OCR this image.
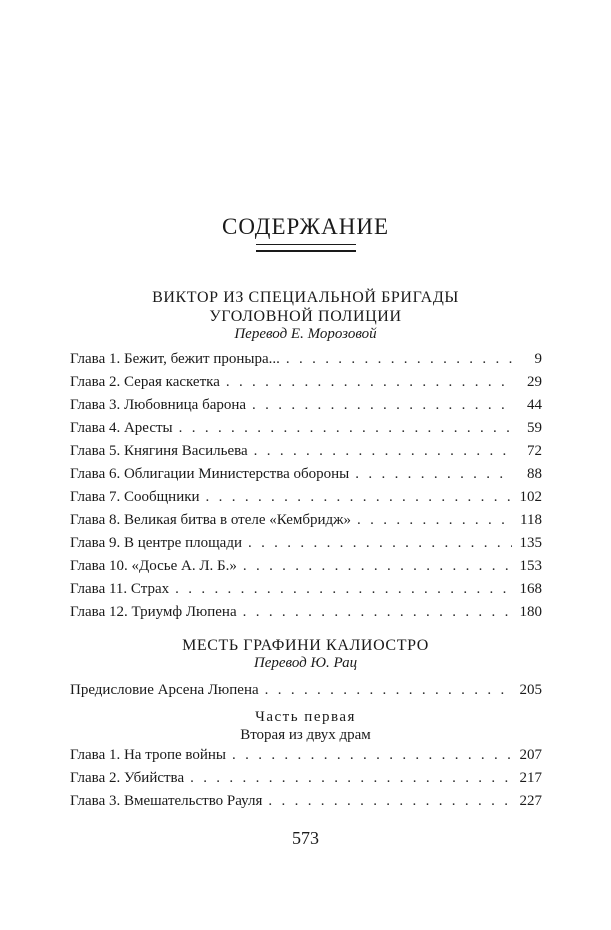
СОДЕРЖАНИЕ
ВИКТОР ИЗ СПЕЦИАЛЬНОЙ БРИГАДЫ
УГОЛОВНОЙ ПОЛИЦИИ
Перевод Е. Морозовой
Глава 1. Бежит, бежит пронырa... . . .	9
Глава 2. Серая каскетка . . .	29
Глава 3. Любовница барона . . .	44
Глава 4. Аресты . . .	59
Глава 5. Княгиня Васильева . . .	72
Глава 6. Облигации Министерства обороны . . .	88
Глава 7. Сообщники . . .	102
Глава 8. Великая битва в отеле «Кембридж» . . .	118
Глава 9. В центре площади . . .	135
Глава 10. «Досье А. Л. Б.» . . .	153
Глава 11. Страх . . .	168
Глава 12. Триумф Люпена . . .	180
МЕСТЬ ГРАФИНИ КАЛИОСТРО
Перевод Ю. Рац
Предисловие Арсена Люпена . . .	205
Часть первая
Вторая из двух драм
Глава 1. На тропе войны . . .	207
Глава 2. Убийства . . .	217
Глава 3. Вмешательство Рауля . . .	227
573
